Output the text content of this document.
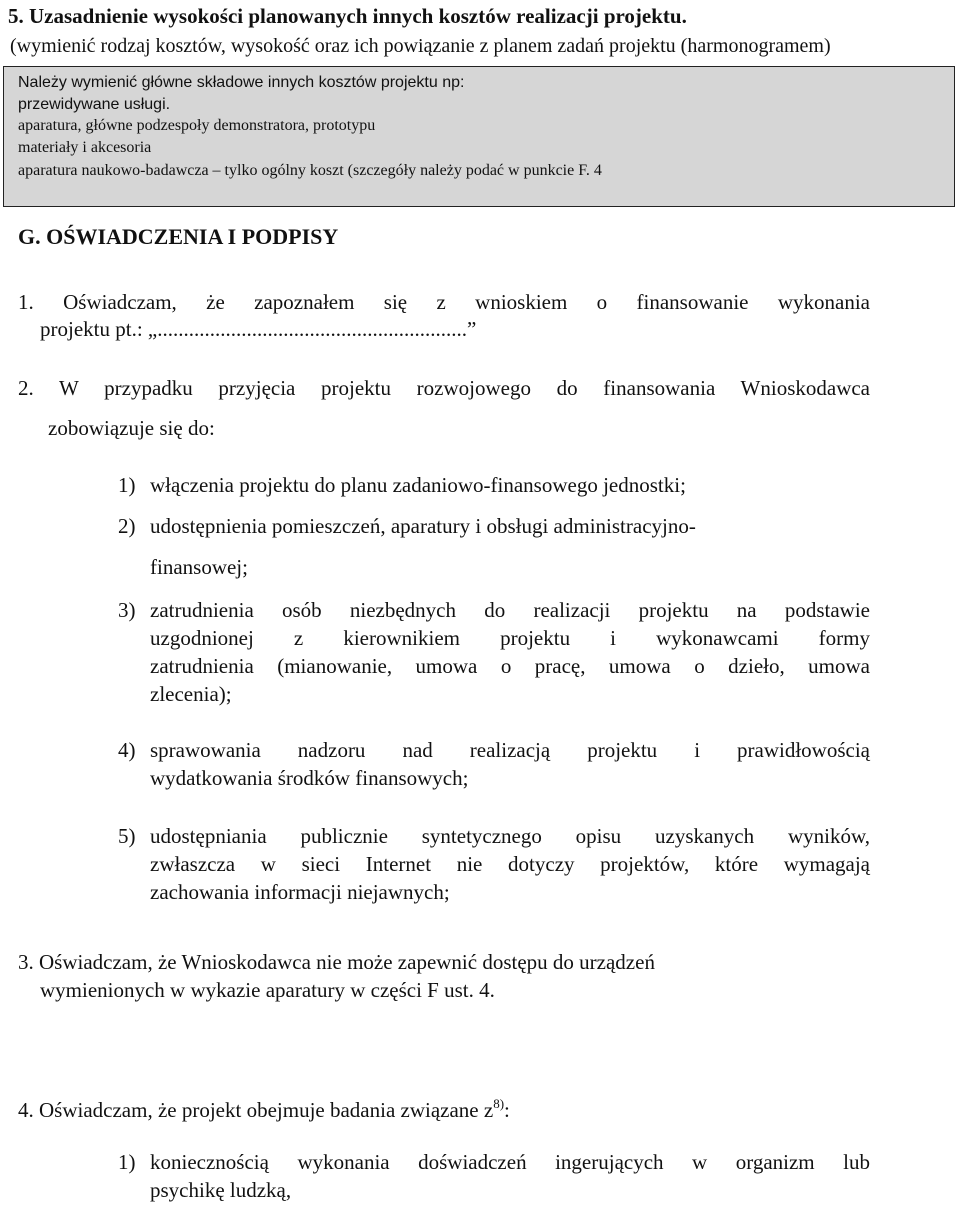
5. Uzasadnienie wysokości planowanych innych kosztów realizacji projektu.
(wymienić rodzaj kosztów, wysokość oraz ich powiązanie z planem zadań projektu (harmonogramem)
Należy wymienić główne składowe innych kosztów projektu np:
przewidywane usługi.
aparatura, główne podzespoły demonstratora, prototypu
materiały i akcesoria
aparatura naukowo-badawcza – tylko ogólny koszt (szczegóły należy podać w punkcie F. 4
G. OŚWIADCZENIA I PODPISY
1. Oświadczam, że zapoznałem się z wnioskiem o finansowanie wykonania
projektu pt.: „...........................................................”
2. W przypadku przyjęcia projektu rozwojowego do finansowania Wnioskodawca
zobowiązuje się do:
1) włączenia projektu do planu zadaniowo-finansowego jednostki;
2) udostępnienia pomieszczeń, aparatury i obsługi administracyjno-
finansowej;
3) zatrudnienia osób niezbędnych do realizacji projektu na podstawie
uzgodnionej z kierownikiem projektu i wykonawcami formy
zatrudnienia (mianowanie, umowa o pracę, umowa o dzieło, umowa
zlecenia);
4) sprawowania nadzoru nad realizacją projektu i prawidłowością
wydatkowania środków finansowych;
5) udostępniania publicznie syntetycznego opisu uzyskanych wyników,
zwłaszcza w sieci Internet nie dotyczy projektów, które wymagają
zachowania informacji niejawnych;
3. Oświadczam, że Wnioskodawca nie może zapewnić dostępu do urządzeń
wymienionych w wykazie aparatury w części F ust. 4.
4. Oświadczam, że projekt obejmuje badania związane $z^{8)}$:
1) koniecznością wykonania doświadczeń ingerujących w organizm lub
psychikę ludzką,
